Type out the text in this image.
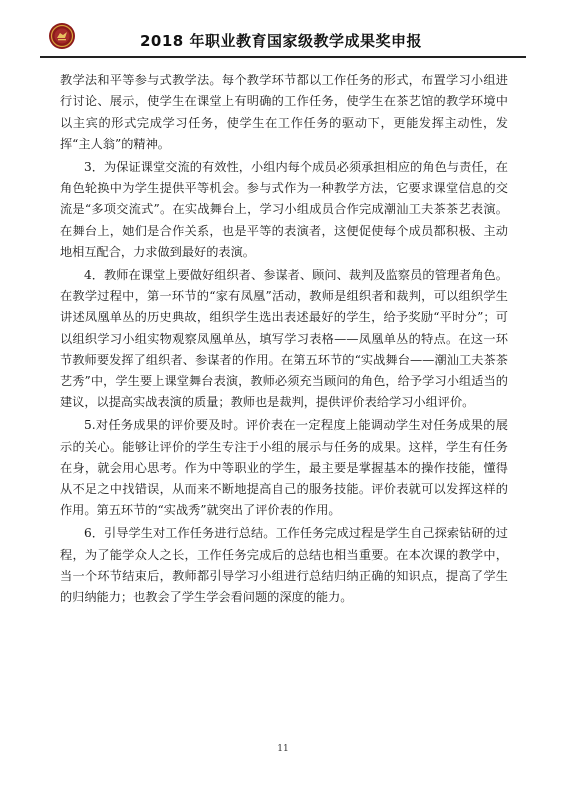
2018 年职业教育国家级教学成果奖申报

教学法和平等参与式教学法。每个教学环节都以工作任务的形式，布置学习小组进行讨论、展示，使学生在课堂上有明确的工作任务，使学生在茶艺馆的教学环境中以主宾的形式完成学习任务，使学生在工作任务的驱动下，更能发挥主动性，发挥“主人翁”的精神。

3．为保证课堂交流的有效性，小组内每个成员必须承担相应的角色与责任，在角色轮换中为学生提供平等机会。参与式作为一种教学方法，它要求课堂信息的交流是“多项交流式”。在实战舞台上，学习小组成员合作完成潮汕工夫茶茶艺表演。在舞台上，她们是合作关系，也是平等的表演者，这便促使每个成员都积极、主动地相互配合，力求做到最好的表演。

4．教师在课堂上要做好组织者、参谋者、顾问、裁判及监察员的管理者角色。在教学过程中，第一环节的“家有凤凰”活动，教师是组织者和裁判，可以组织学生讲述凤凰单丛的历史典故，组织学生选出表述最好的学生，给予奖励“平时分”；可以组织学习小组实物观察凤凰单丛，填写学习表格——凤凰单丛的特点。在这一环节教师要发挥了组织者、参谋者的作用。在第五环节的“实战舞台——潮汕工夫茶茶艺秀”中，学生要上课堂舞台表演，教师必须充当顾问的角色，给予学习小组适当的建议，以提高实战表演的质量；教师也是裁判，提供评价表给学习小组评价。

5.对任务成果的评价要及时。评价表在一定程度上能调动学生对任务成果的展示的关心。能够让评价的学生专注于小组的展示与任务的成果。这样，学生有任务在身，就会用心思考。作为中等职业的学生，最主要是掌握基本的操作技能，懂得从不足之中找错误，从而来不断地提高自己的服务技能。评价表就可以发挥这样的作用。第五环节的“实战秀”就突出了评价表的作用。

6．引导学生对工作任务进行总结。工作任务完成过程是学生自己探索钻研的过程，为了能学众人之长，工作任务完成后的总结也相当重要。在本次课的教学中，当一个环节结束后，教师都引导学习小组进行总结归纳正确的知识点，提高了学生的归纳能力；也教会了学生学会看问题的深度的能力。

11
